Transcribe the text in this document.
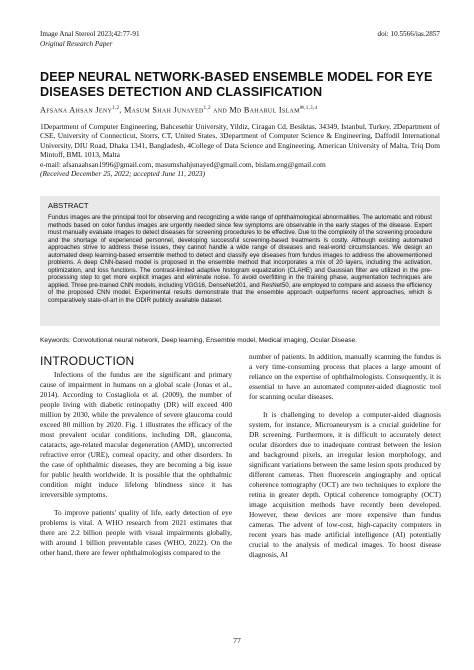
Image Anal Stereol 2023;42:77-91
Original Research Paper
doi: 10.5566/ias.2857
DEEP NEURAL NETWORK-BASED ENSEMBLE MODEL FOR EYE DISEASES DETECTION AND CLASSIFICATION
Afsana Ahsan Jeny$^{1,2}$, Masum Shah Junayed$^{1,2}$ and Md Baharul Islam$^{✉,1,3,4}$
1Department of Computer Engineering, Bahcesehir University, Yildiz, Ciragan Cd, Besiktas, 34349, Istanbul, Turkey, 2Department of CSE, University of Connecticut, Storrs, CT, United States, 3Department of Computer Science & Engineering, Daffodil International University, DIU Road, Dhaka 1341, Bangladesh, 4College of Data Science and Engineering, American University of Malta, Triq Dom Mintoff, BML 1013, Malta
e-mail: afsanaahsan1996@gmail.com, masumshahjunayed@gmail.com, bislam.eng@gmail.com
(Received December 25, 2022; accepted June 11, 2023)
ABSTRACT
Fundus images are the principal tool for observing and recognizing a wide range of ophthalmological abnormalities. The automatic and robust methods based on color fundus images are urgently needed since few symptoms are observable in the early stages of the disease. Expert must manually evaluate images to detect diseases for screening procedures to be effective. Due to the complexity of the screening procedure and the shortage of experienced personnel, developing successful screening-based treatments is costly. Although existing automated approaches strive to address these issues, they cannot handle a wide range of diseases and real-world circumstances. We design an automated deep learning-based ensemble method to detect and classify eye diseases from fundus images to address the abovementioned problems. A deep CNN-based model is proposed in the ensemble method that incorporates a mix of 20 layers, including the activation, optimization, and loss functions. The contrast-limited adaptive histogram equalization (CLAHE) and Gaussian filter are utilized in the pre-processing step to get more explicit images and eliminate noise. To avoid overfitting in the training phase, augmentation techniques are applied. Three pre-trained CNN models, including VGG16, DenseNet201, and ResNet50, are employed to compare and assess the efficiency of the proposed CNN model. Experimental results demonstrate that the ensemble approach outperforms recent approaches, which is comparatively state-of-art in the ODIR publicly available dataset.
Keywords: Convolutional neural network, Deep learning, Ensemble model, Medical imaging, Ocular Disease.
INTRODUCTION

Infections of the fundus are the significant and primary cause of impairment in humans on a global scale (Jonas et al., 2014). According to Costagliola et al. (2009), the number of people living with diabetic retinopathy (DR) will exceed 400 million by 2030, while the prevalence of severe glaucoma could exceed 80 million by 2020. Fig. 1 illustrates the efficacy of the most prevalent ocular conditions, including DR, glaucoma, cataracts, age-related macular degeneration (AMD), uncorrected refractive error (URE), corneal opacity, and other disorders. In the case of ophthalmic diseases, they are becoming a big issue for public health worldwide. It is possible that the ophthalmic condition might induce lifelong blindness since it has irreversible symptoms.

To improve patients' quality of life, early detection of eye problems is vital. A WHO research from 2021 estimates that there are 2.2 billion people with visual impairments globally, with around 1 billion preventable cases (WHO, 2022). On the other hand, there are fewer ophthalmologists compared to the

number of patients. In addition, manually scanning the fundus is a very time-consuming process that places a large amount of reliance on the expertise of ophthalmologists. Consequently, it is essential to have an automated computer-aided diagnostic tool for scanning ocular diseases.

It is challenging to develop a computer-aided diagnosis system, for instance, Microaneurysm is a crucial guideline for DR screening. Furthermore, it is difficult to accurately detect ocular disorders due to inadequate contrast between the lesion and background pixels, an irregular lesion morphology, and significant variations between the same lesion spots produced by different cameras. Then fluorescein angiography and optical coherence tomography (OCT) are two techniques to explore the retina in greater depth. Optical coherence tomography (OCT) image acquisition methods have recently been developed. However, these devices are more expensive than fundus cameras. The advent of low-cost, high-capacity computers in recent years has made artificial intelligence (AI) potentially crucial to the analysis of medical images. To boost disease diagnosis, AI

77
